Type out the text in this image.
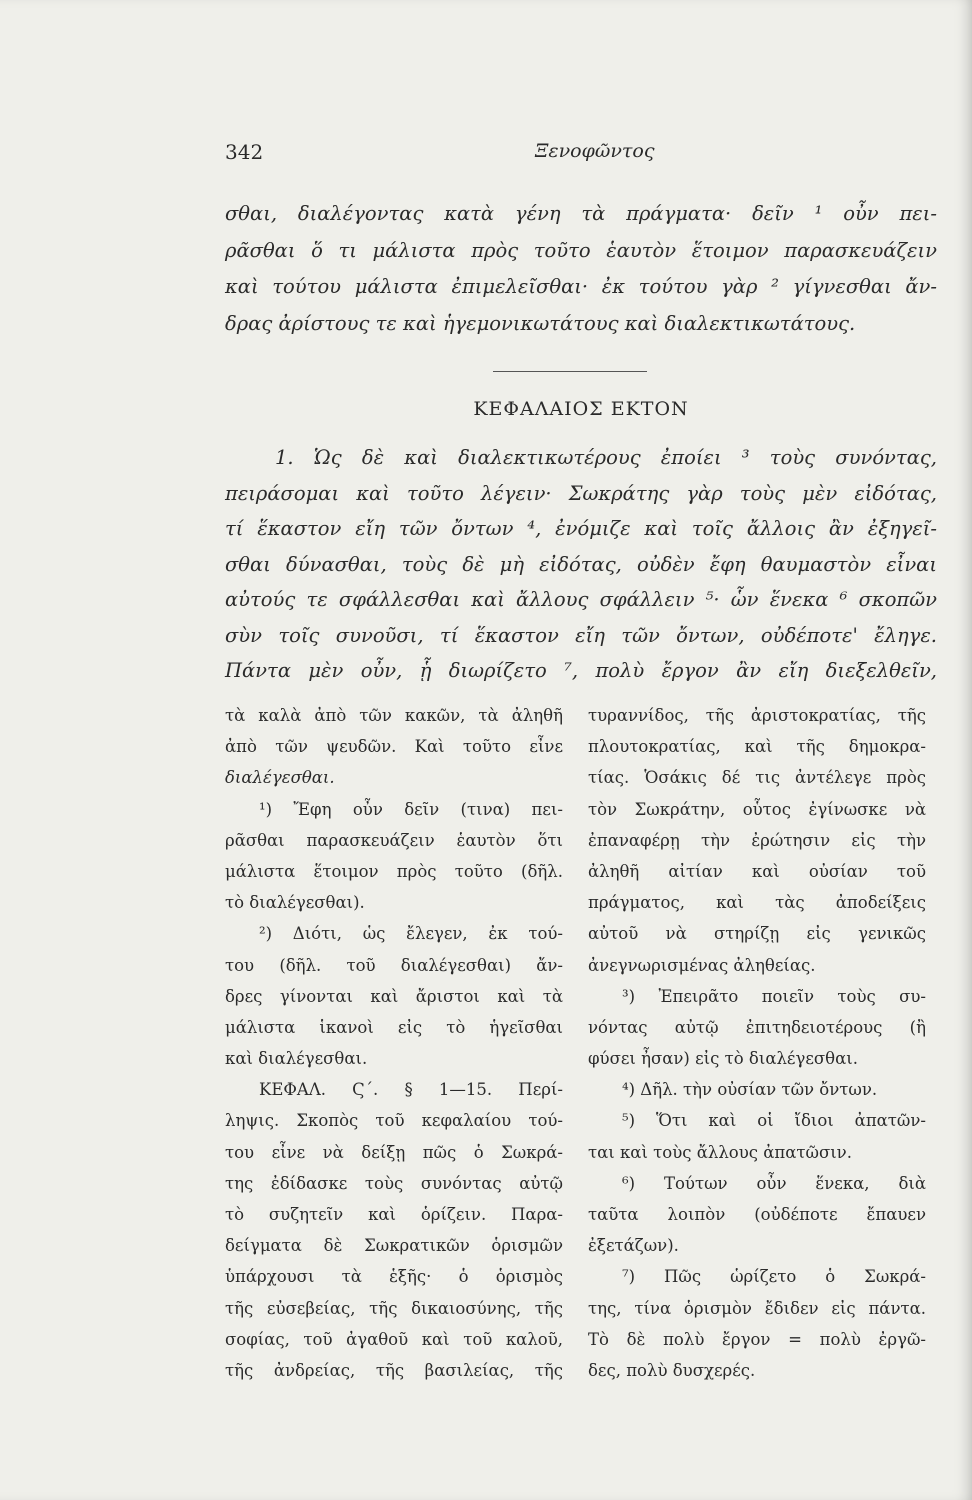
342	Ξενοφῶντος
σθαι, διαλέγοντας κατὰ γένη τὰ πράγματα· δεῖν ¹ οὖν πει-
ρᾶσθαι ὅ τι μάλιστα πρὸς τοῦτο ἑαυτὸν ἕτοιμον παρασκευάζειν
καὶ τούτου μάλιστα ἐπιμελεῖσθαι· ἐκ τούτου γὰρ ² γίγνεσθαι ἄν-
δρας ἀρίστους τε καὶ ἡγεμονικωτάτους καὶ διαλεκτικωτάτους.
ΚΕΦΑΛΑΙΟΣ ΕΚΤΟΝ
1. Ὡς δὲ καὶ διαλεκτικωτέρους ἐποίει ³ τοὺς συνόντας,
πειράσομαι καὶ τοῦτο λέγειν· Σωκράτης γὰρ τοὺς μὲν εἰδότας,
τί ἕκαστον εἴη τῶν ὄντων ⁴, ἐνόμιζε καὶ τοῖς ἄλλοις ἂν ἐξηγεῖ-
σθαι δύνασθαι, τοὺς δὲ μὴ εἰδότας, οὐδὲν ἔφη θαυμαστὸν εἶναι
αὐτούς τε σφάλλεσθαι καὶ ἄλλους σφάλλειν ⁵· ὧν ἕνεκα ⁶ σκοπῶν
σὺν τοῖς συνοῦσι, τί ἕκαστον εἴη τῶν ὄντων, οὐδέποτε' ἔληγε.
Πάντα μὲν οὖν, ᾗ διωρίζετο ⁷, πολὺ ἔργον ἂν εἴη διεξελθεῖν,
τὰ καλὰ ἀπὸ τῶν κακῶν, τὰ ἀληθῆ
ἀπὸ τῶν ψευδῶν. Καὶ τοῦτο εἶνε
διαλέγεσθαι.
¹) Ἔφη οὖν δεῖν (τινα) πει-
ρᾶσθαι παρασκευάζειν ἑαυτὸν ὅτι
μάλιστα ἕτοιμον πρὸς τοῦτο (δῆλ.
τὸ διαλέγεσθαι).
²) Διότι, ὡς ἔλεγεν, ἐκ τού-
του (δῆλ. τοῦ διαλέγεσθαι) ἄν-
δρες γίνονται καὶ ἄριστοι καὶ τὰ
μάλιστα ἱκανοὶ εἰς τὸ ἡγεῖσθαι
καὶ διαλέγεσθαι.
ΚΕΦΑΛ. Ϛ΄. § 1—15. Περί-
ληψις. Σκοπὸς τοῦ κεφαλαίου τού-
του εἶνε νὰ δείξῃ πῶς ὁ Σωκρά-
της ἐδίδασκε τοὺς συνόντας αὐτῷ
τὸ συζητεῖν καὶ ὁρίζειν. Παρα-
δείγματα δὲ Σωκρατικῶν ὁρισμῶν
ὑπάρχουσι τὰ ἑξῆς· ὁ ὁρισμὸς
τῆς εὐσεβείας, τῆς δικαιοσύνης, τῆς
σοφίας, τοῦ ἀγαθοῦ καὶ τοῦ καλοῦ,
τῆς ἀνδρείας, τῆς βασιλείας, τῆς
τυραννίδος, τῆς ἀριστοκρατίας, τῆς
πλουτοκρατίας, καὶ τῆς δημοκρα-
τίας. Ὁσάκις δέ τις ἀντέλεγε πρὸς
τὸν Σωκράτην, οὗτος ἐγίνωσκε νὰ
ἐπαναφέρῃ τὴν ἐρώτησιν εἰς τὴν
ἀληθῆ αἰτίαν καὶ οὐσίαν τοῦ
πράγματος, καὶ τὰς ἀποδείξεις
αὐτοῦ νὰ στηρίζῃ εἰς γενικῶς
ἀνεγνωρισμένας ἀληθείας.
³) Ἐπειρᾶτο ποιεῖν τοὺς συ-
νόντας αὐτῷ ἐπιτηδειοτέρους (ἢ
φύσει ἦσαν) εἰς τὸ διαλέγεσθαι.
⁴) Δῆλ. τὴν οὐσίαν τῶν ὄντων.
⁵) Ὅτι καὶ οἱ ἴδιοι ἀπατῶν-
ται καὶ τοὺς ἄλλους ἀπατῶσιν.
⁶) Τούτων οὖν ἕνεκα, διὰ
ταῦτα λοιπὸν (οὐδέποτε ἔπαυεν
ἐξετάζων).
⁷) Πῶς ὡρίζετο ὁ Σωκρά-
της, τίνα ὁρισμὸν ἔδιδεν εἰς πάντα.
Τὸ δὲ πολὺ ἔργον = πολὺ ἐργῶ-
δες, πολὺ δυσχερές.
